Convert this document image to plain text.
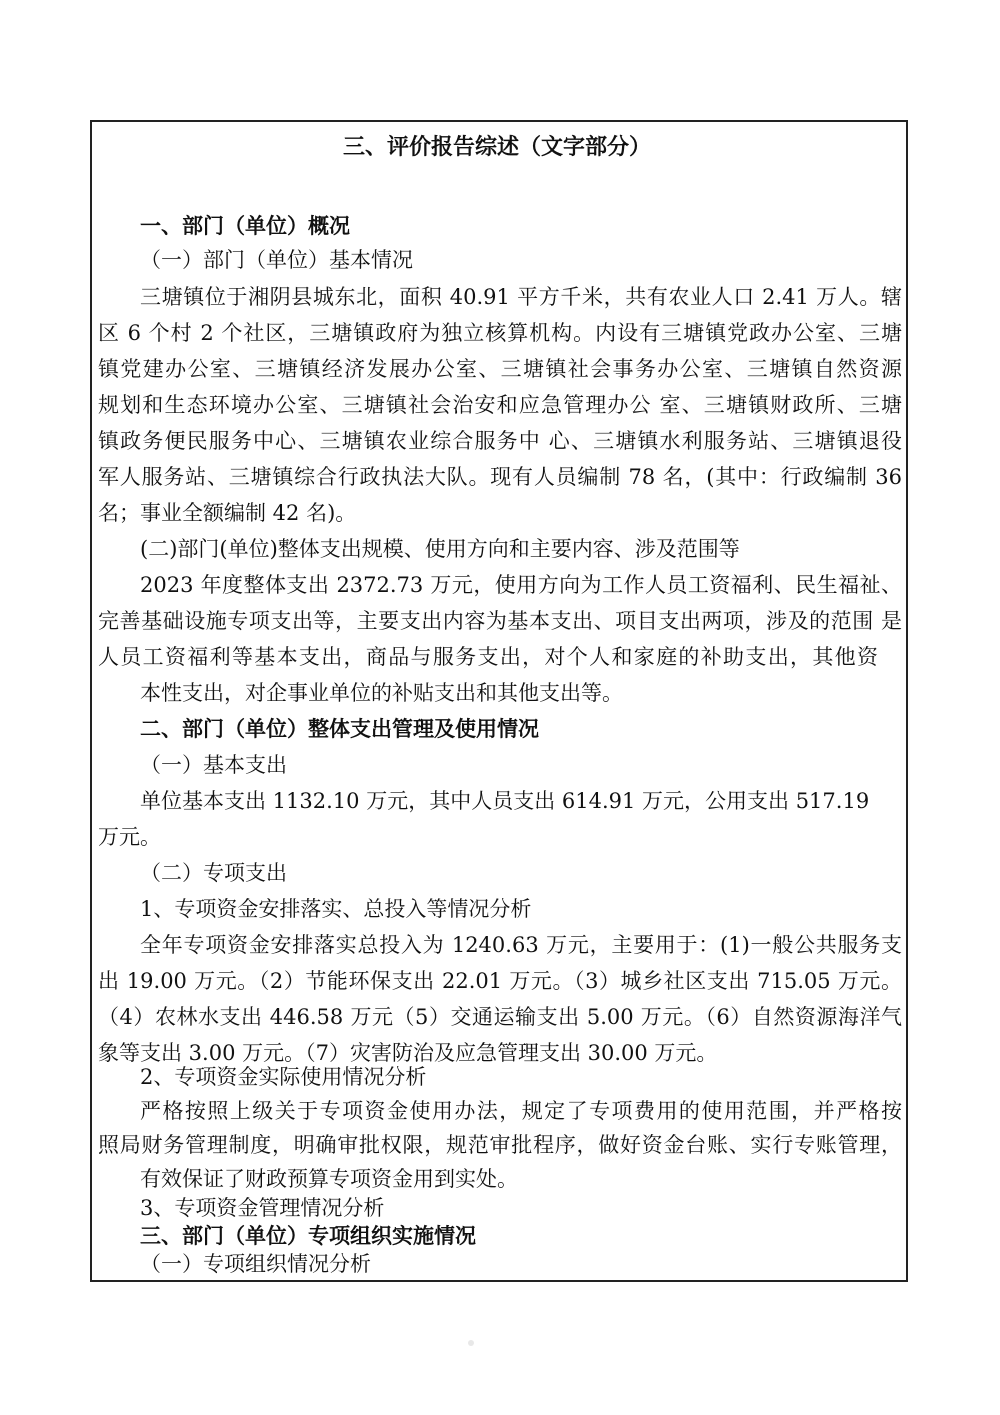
三、评价报告综述（文字部分）
一、部门（单位）概况
（一）部门（单位）基本情况
三塘镇位于湘阴县城东北，面积 40.91 平方千米，共有农业人口 2.41 万人。辖
区 6 个村 2 个社区，三塘镇政府为独立核算机构。内设有三塘镇党政办公室、三塘
镇党建办公室、三塘镇经济发展办公室、三塘镇社会事务办公室、三塘镇自然资源
规划和生态环境办公室、三塘镇社会治安和应急管理办公 室、三塘镇财政所、三塘
镇政务便民服务中心、三塘镇农业综合服务中 心、三塘镇水利服务站、三塘镇退役
军人服务站、三塘镇综合行政执法大队。现有人员编制 78 名，(其中：行政编制 36
名；事业全额编制 42 名)。
(二)部门(单位)整体支出规模、使用方向和主要内容、涉及范围等
2023 年度整体支出 2372.73 万元，使用方向为工作人员工资福利、民生福祉、
完善基础设施专项支出等，主要支出内容为基本支出、项目支出两项，涉及的范围 是
人员工资福利等基本支出，商品与服务支出，对个人和家庭的补助支出，其他资
本性支出，对企事业单位的补贴支出和其他支出等。
二、部门（单位）整体支出管理及使用情况
（一）基本支出
单位基本支出 1132.10 万元，其中人员支出 614.91 万元，公用支出 517.19
万元。
（二）专项支出
1、专项资金安排落实、总投入等情况分析
全年专项资金安排落实总投入为 1240.63 万元，主要用于：(1)一般公共服务支
出 19.00 万元。（2）节能环保支出 22.01 万元。（3）城乡社区支出 715.05 万元。
（4）农林水支出 446.58 万元（5）交通运输支出 5.00 万元。（6）自然资源海洋气
象等支出 3.00 万元。（7）灾害防治及应急管理支出 30.00 万元。
2、专项资金实际使用情况分析
严格按照上级关于专项资金使用办法，规定了专项费用的使用范围，并严格按
照局财务管理制度，明确审批权限，规范审批程序，做好资金台账、实行专账管理，
有效保证了财政预算专项资金用到实处。
3、专项资金管理情况分析
三、部门（单位）专项组织实施情况
（一）专项组织情况分析
